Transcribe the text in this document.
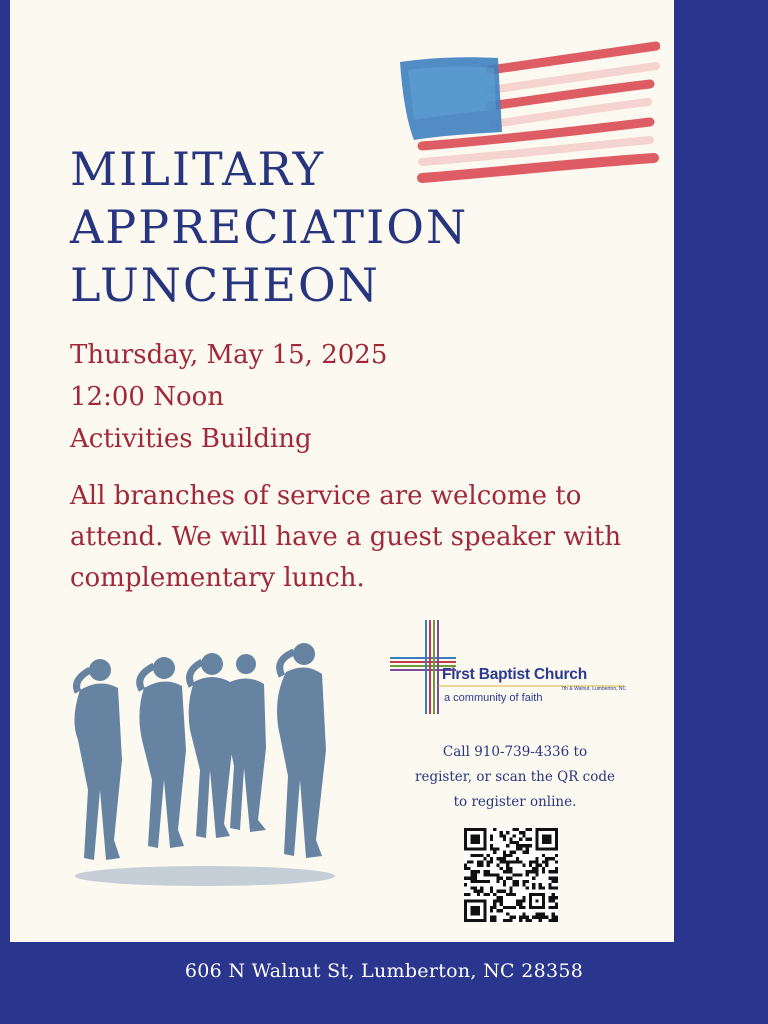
MILITARY
APPRECIATION
LUNCHEON
Thursday, May 15, 2025
12:00 Noon
Activities Building

All branches of service are welcome to attend. We will have a guest speaker with complementary lunch.

First Baptist Church
7th & Walnut, Lumberton, NC
a community of faith
Call 910-739-4336 to
register, or scan the QR code
to register online.
606 N Walnut St, Lumberton, NC 28358
